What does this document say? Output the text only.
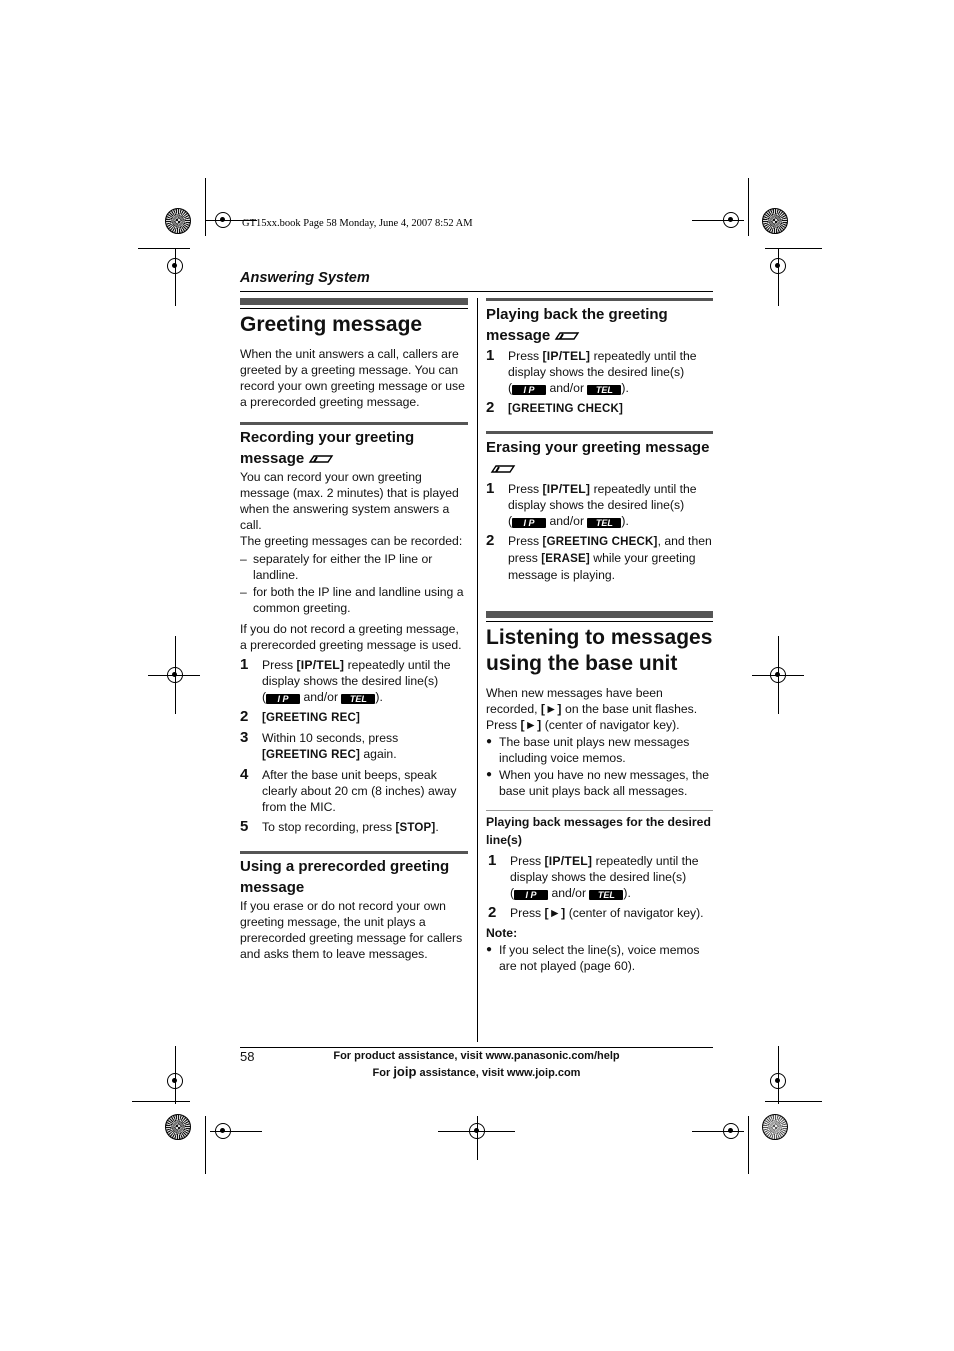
GT15xx.book Page 58 Monday, June 4, 2007 8:52 AM
Answering System
Greeting message

When the unit answers a call, callers are greeted by a greeting message. You can record your own greeting message or use a prerecorded greeting message.

Recording your greeting message

You can record your own greeting message (max. 2 minutes) that is played when the answering system answers a call.

The greeting messages can be recorded:

– separately for either the IP line or landline.
– for both the IP line and landline using a common greeting.

If you do not record a greeting message, a prerecorded greeting message is used.

1	Press [IP/TEL] repeatedly until the display shows the desired line(s)
( I P and/or TEL ).
2	[GREETING REC]
3	Within 10 seconds, press
[GREETING REC] again.
4	After the base unit beeps, speak clearly about 20 cm (8 inches) away from the MIC.
5	To stop recording, press [STOP].
Using a prerecorded greeting message

If you erase or do not record your own greeting message, the unit plays a prerecorded greeting message for callers and asks them to leave messages.

Playing back the greeting message
1	Press [IP/TEL] repeatedly until the display shows the desired line(s)
( I P and/or TEL ).
2	[GREETING CHECK]
Erasing your greeting message
1	Press [IP/TEL] repeatedly until the display shows the desired line(s)
( I P and/or TEL ).
2	Press [GREETING CHECK], and then press [ERASE] while your greeting message is playing.
Listening to messages using the base unit

When new messages have been recorded, [►] on the base unit flashes. Press [►] (center of navigator key).

● The base unit plays new messages including voice memos.
● When you have no new messages, the base unit plays back all messages.
Playing back messages for the desired line(s)
1	Press [IP/TEL] repeatedly until the display shows the desired line(s)
( I P and/or TEL ).
2	Press [►] (center of navigator key).

Note:

● If you select the line(s), voice memos are not played (page 60).
58	For product assistance, visit www.panasonic.com/help
For joip assistance, visit www.joip.com
